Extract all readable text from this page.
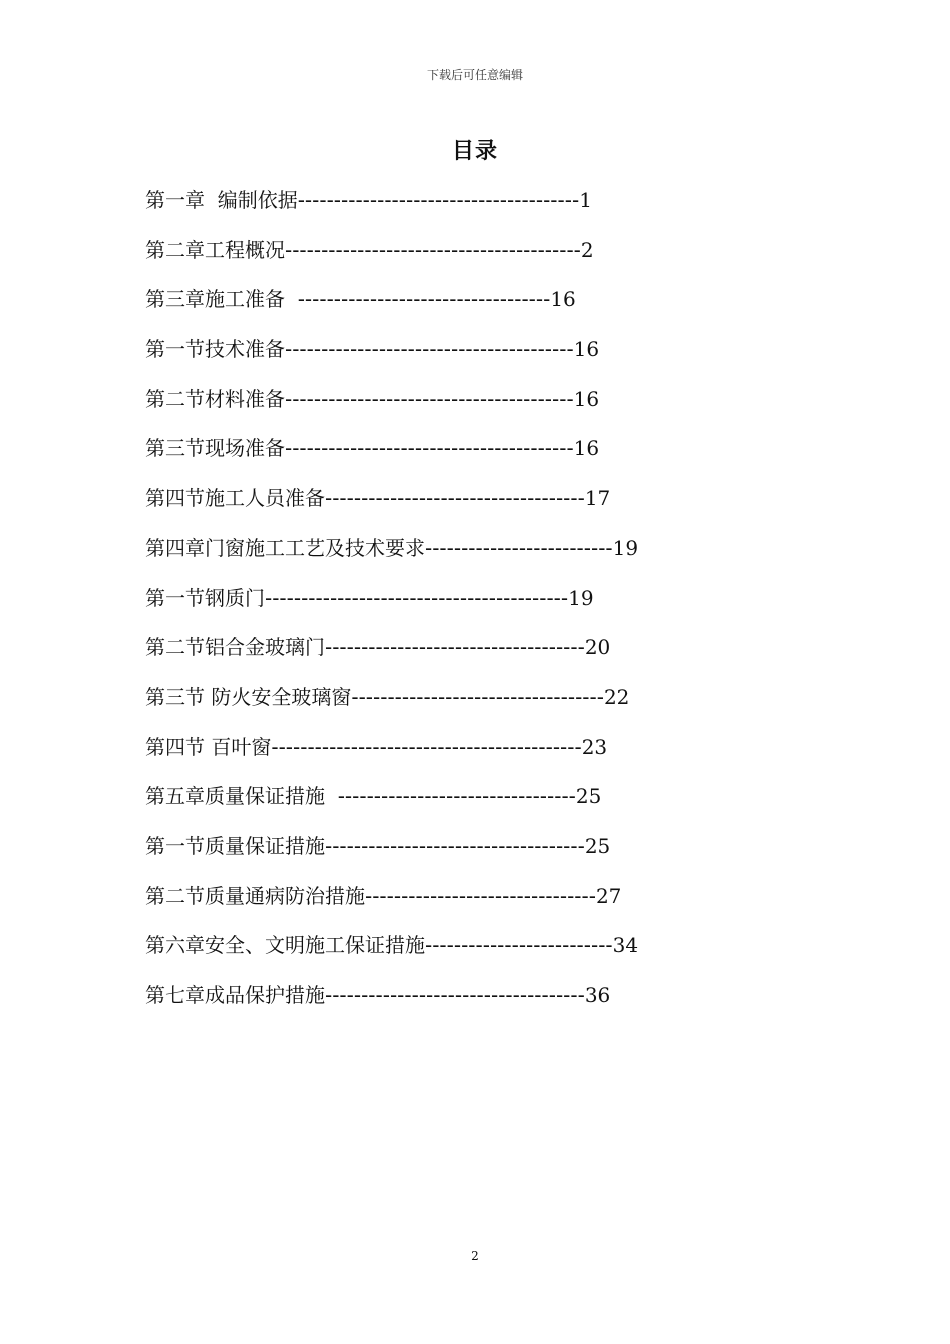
下载后可任意编辑
目录
第一章  编制依据---------------------------------------1
第二章工程概况-----------------------------------------2
第三章施工准备  -----------------------------------16
第一节技术准备----------------------------------------16
第二节材料准备----------------------------------------16
第三节现场准备----------------------------------------16
第四节施工人员准备------------------------------------17
第四章门窗施工工艺及技术要求--------------------------19
第一节钢质门------------------------------------------19
第二节铝合金玻璃门------------------------------------20
第三节 防火安全玻璃窗-----------------------------------22
第四节 百叶窗-------------------------------------------23
第五章质量保证措施  ---------------------------------25
第一节质量保证措施------------------------------------25
第二节质量通病防治措施--------------------------------27
第六章安全、文明施工保证措施--------------------------34
第七章成品保护措施------------------------------------36
2
